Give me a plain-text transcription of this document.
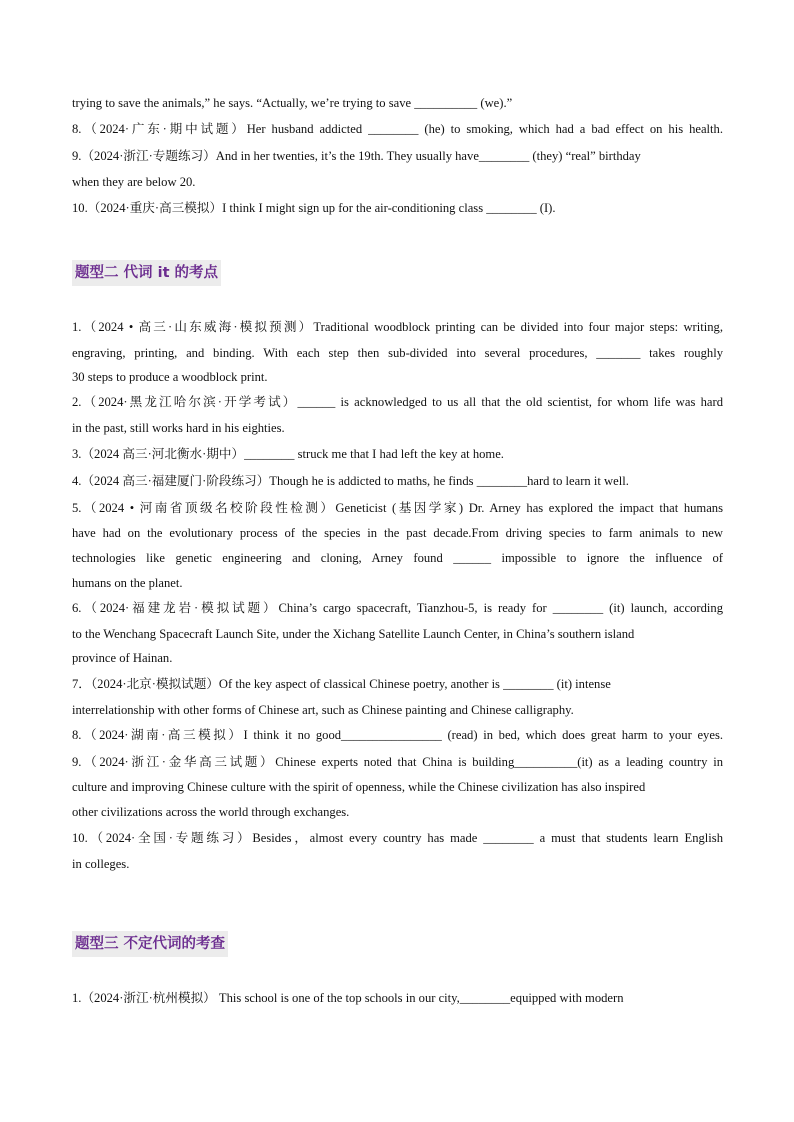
trying to save the animals,” he says. “Actually, we’re trying to save __________ (we).”
8.（2024·广东·期中试题）Her husband addicted ________ (he) to smoking, which had a bad effect on his health.
9.（2024·浙江·专题练习）And in her twenties, it’s the 19th. They usually have________ (they) “real” birthday
when they are below 20.
10.（2024·重庆·高三模拟）I think I might sign up for the air-conditioning class ________ (I).
题型二 代词 it 的考点
1.（2024 • 高三·山东威海·模拟预测）Traditional woodblock printing can be divided into four major steps: writing,
engraving, printing, and binding. With each step then sub-divided into several procedures, _______ takes roughly
30 steps to produce a woodblock print.
2.（2024·黑龙江哈尔滨·开学考试）______ is acknowledged to us all that the old scientist, for whom life was hard
in the past, still works hard in his eighties.
3.（2024 高三·河北衡水·期中）________ struck me that I had left the key at home.
4.（2024 高三·福建厦门·阶段练习）Though he is addicted to maths, he finds ________hard to learn it well.
5.（2024 • 河南省顶级名校阶段性检测）Geneticist (基因学家) Dr. Arney has explored the impact that humans
have had on the evolutionary process of the species in the past decade.From driving species to farm animals to new
technologies like genetic engineering and cloning, Arney found ______ impossible to ignore the influence of
humans on the planet.
6.（2024·福建龙岩·模拟试题）China’s cargo spacecraft, Tianzhou-5, is ready for ________ (it) launch, according
to the Wenchang Spacecraft Launch Site, under the Xichang Satellite Launch Center, in China’s southern island
province of Hainan.
7．（2024·北京·模拟试题）Of the key aspect of classical Chinese poetry, another is ________ (it) intense
interrelationship with other forms of Chinese art, such as Chinese painting and Chinese calligraphy.
8.（2024·湖南·高三模拟）I think it no good________________ (read) in bed, which does great harm to your eyes.
9.（2024·浙江·金华高三试题）Chinese experts noted that China is building__________(it) as a leading country in
culture and improving Chinese culture with the spirit of openness, while the Chinese civilization has also inspired
other civilizations across the world through exchanges.
10.（2024·全国·专题练习）Besides，almost every country has made ________ a must that students learn English
in colleges.
题型三 不定代词的考查
1.（2024·浙江·杭州模拟） This school is one of the top schools in our city,________equipped with modern
